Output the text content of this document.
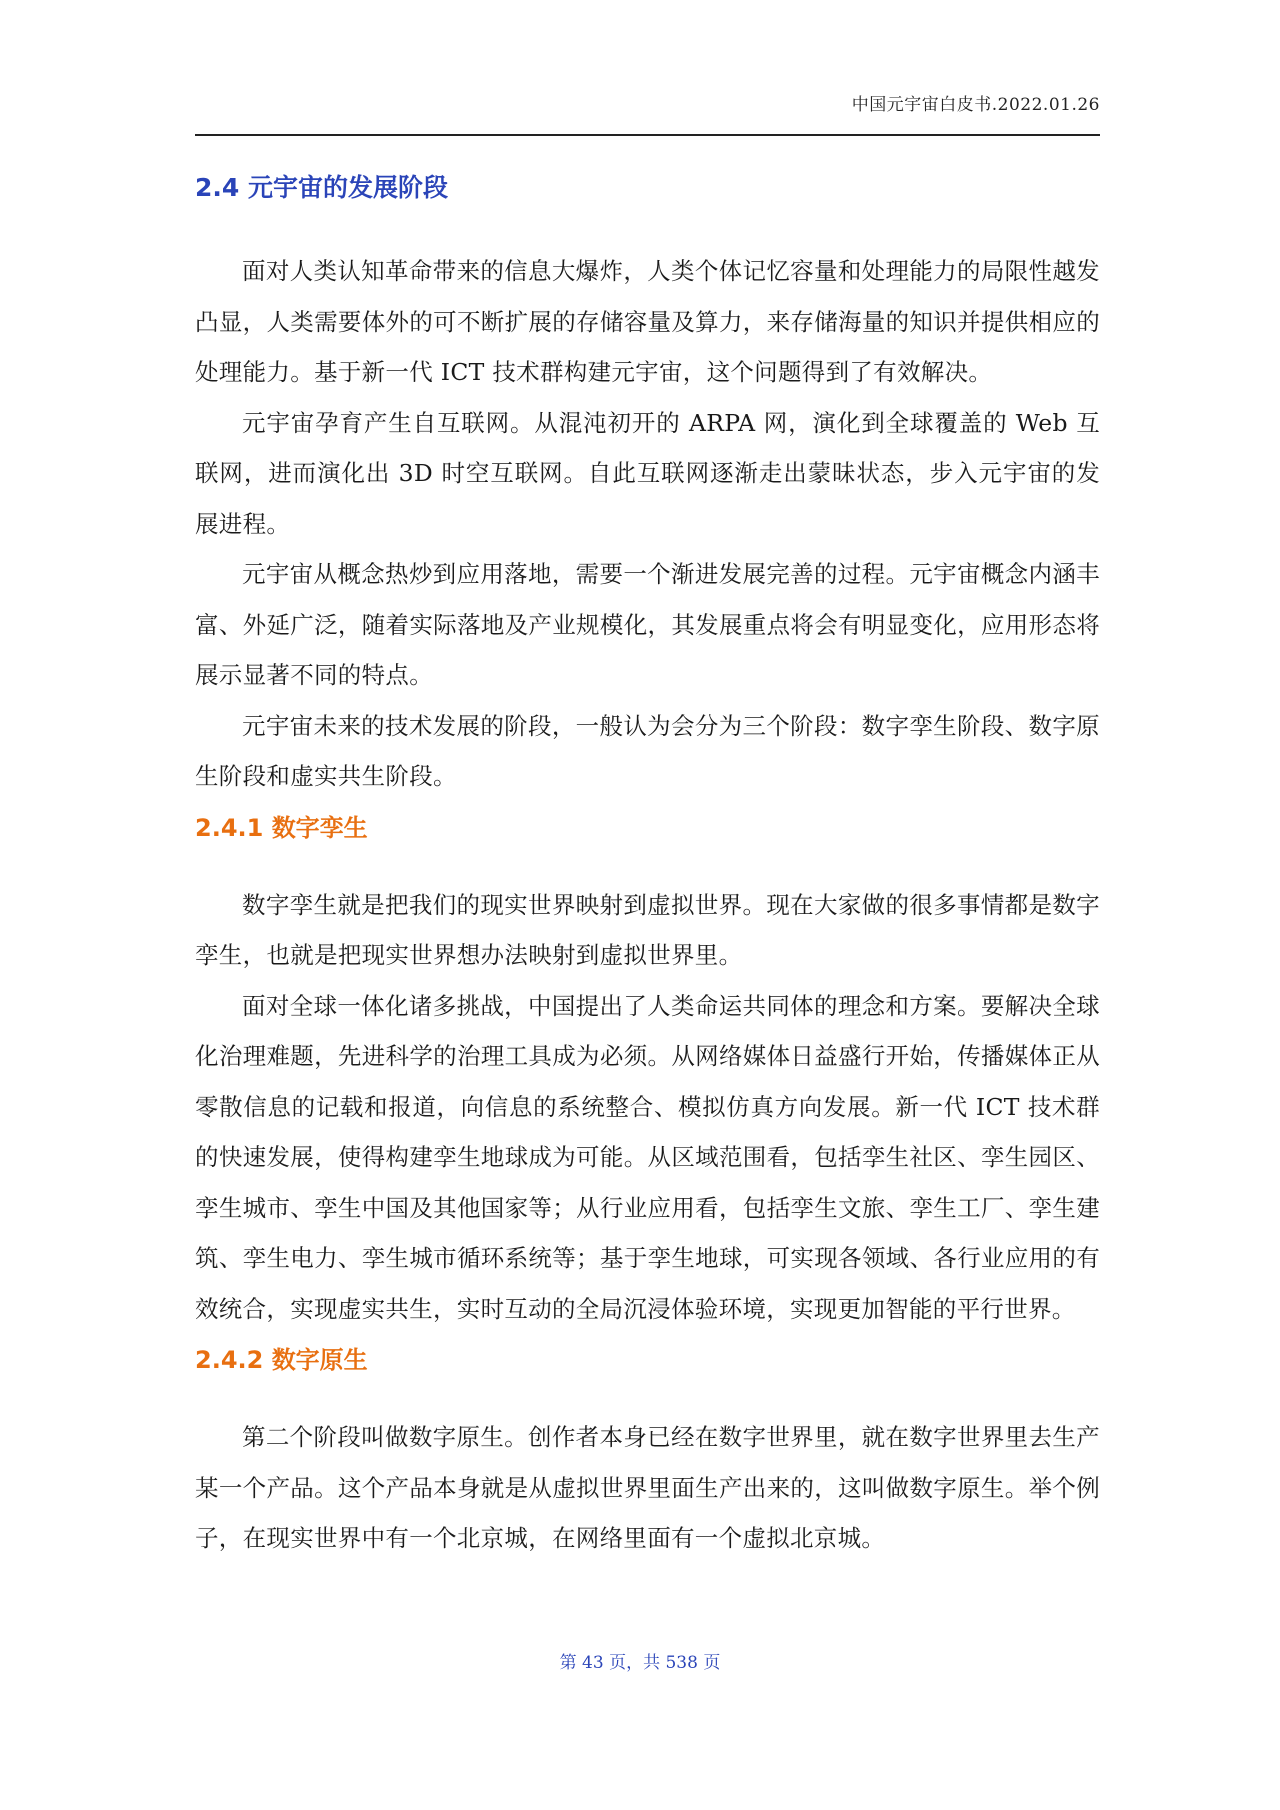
中国元宇宙白皮书.2022.01.26
2.4 元宇宙的发展阶段

面对人类认知革命带来的信息大爆炸，人类个体记忆容量和处理能力的局限性越发凸显，人类需要体外的可不断扩展的存储容量及算力，来存储海量的知识并提供相应的处理能力。基于新一代 ICT 技术群构建元宇宙，这个问题得到了有效解决。

元宇宙孕育产生自互联网。从混沌初开的 ARPA 网，演化到全球覆盖的 Web 互联网，进而演化出 3D 时空互联网。自此互联网逐渐走出蒙昧状态，步入元宇宙的发展进程。

元宇宙从概念热炒到应用落地，需要一个渐进发展完善的过程。元宇宙概念内涵丰富、外延广泛，随着实际落地及产业规模化，其发展重点将会有明显变化，应用形态将展示显著不同的特点。

元宇宙未来的技术发展的阶段，一般认为会分为三个阶段：数字孪生阶段、数字原生阶段和虚实共生阶段。

2.4.1 数字孪生

数字孪生就是把我们的现实世界映射到虚拟世界。现在大家做的很多事情都是数字孪生，也就是把现实世界想办法映射到虚拟世界里。

面对全球一体化诸多挑战，中国提出了人类命运共同体的理念和方案。要解决全球化治理难题，先进科学的治理工具成为必须。从网络媒体日益盛行开始，传播媒体正从零散信息的记载和报道，向信息的系统整合、模拟仿真方向发展。新一代 ICT 技术群的快速发展，使得构建孪生地球成为可能。从区域范围看，包括孪生社区、孪生园区、孪生城市、孪生中国及其他国家等；从行业应用看，包括孪生文旅、孪生工厂、孪生建筑、孪生电力、孪生城市循环系统等；基于孪生地球，可实现各领域、各行业应用的有效统合，实现虚实共生，实时互动的全局沉浸体验环境，实现更加智能的平行世界。

2.4.2 数字原生

第二个阶段叫做数字原生。创作者本身已经在数字世界里，就在数字世界里去生产某一个产品。这个产品本身就是从虚拟世界里面生产出来的，这叫做数字原生。举个例子，在现实世界中有一个北京城，在网络里面有一个虚拟北京城。

第 43 页，共 538 页
